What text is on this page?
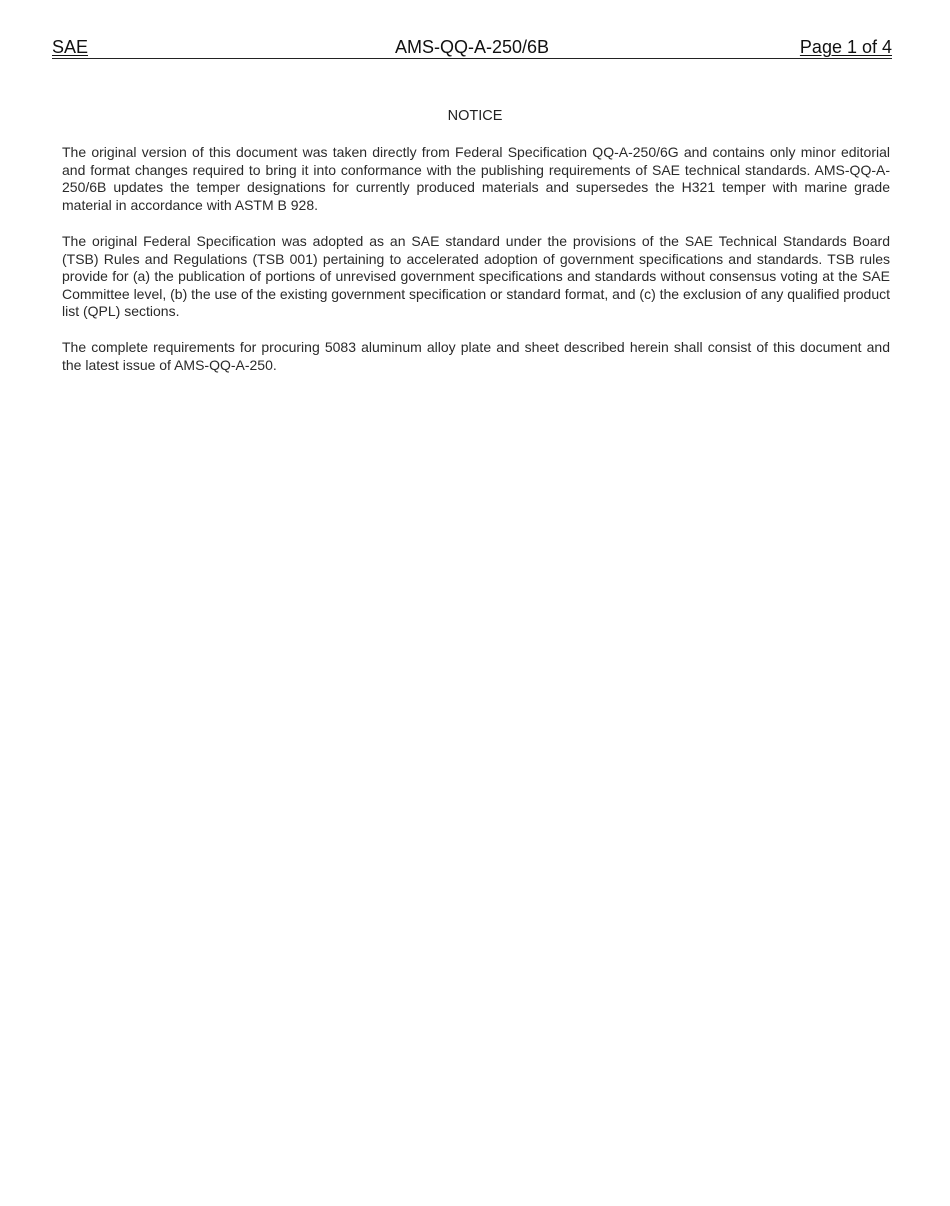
SAE	AMS-QQ-A-250/6B	Page 1 of 4
NOTICE

The original version of this document was taken directly from Federal Specification QQ-A-250/6G and contains only minor editorial and format changes required to bring it into conformance with the publishing requirements of SAE technical standards. AMS-QQ-A-250/6B updates the temper designations for currently produced materials and supersedes the H321 temper with marine grade material in accordance with ASTM B 928.

The original Federal Specification was adopted as an SAE standard under the provisions of the SAE Technical Standards Board (TSB) Rules and Regulations (TSB 001) pertaining to accelerated adoption of government specifications and standards. TSB rules provide for (a) the publication of portions of unrevised government specifications and standards without consensus voting at the SAE Committee level, (b) the use of the existing government specification or standard format, and (c) the exclusion of any qualified product list (QPL) sections.

The complete requirements for procuring 5083 aluminum alloy plate and sheet described herein shall consist of this document and the latest issue of AMS-QQ-A-250.
